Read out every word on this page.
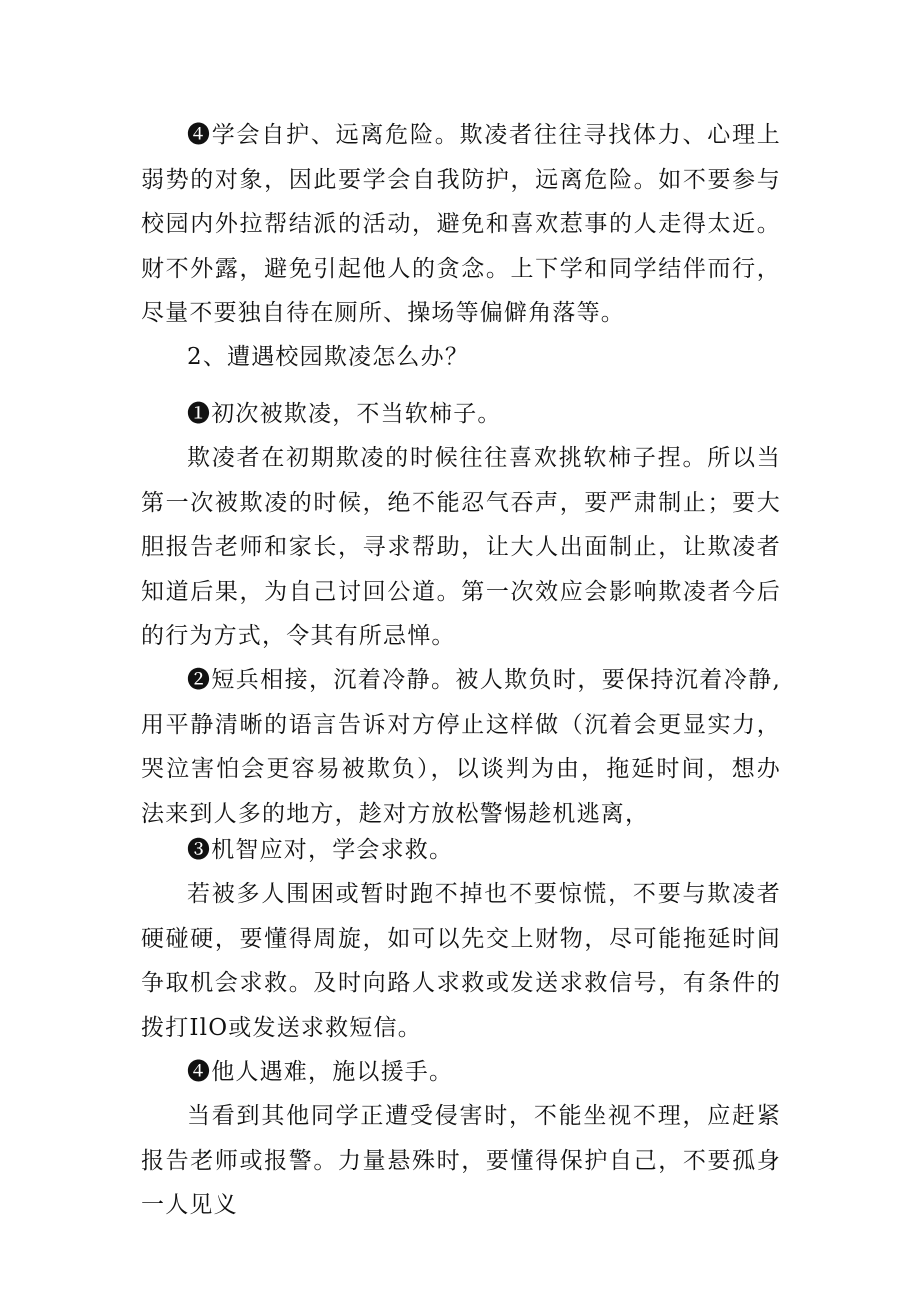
❹学会自护、远离危险。欺凌者往往寻找体力、心理上弱势的对象，因此要学会自我防护，远离危险。如不要参与校园内外拉帮结派的活动，避免和喜欢惹事的人走得太近。财不外露，避免引起他人的贪念。上下学和同学结伴而行，尽量不要独自待在厕所、操场等偏僻角落等。

2、遭遇校园欺凌怎么办？

❶初次被欺凌，不当软柿子。

欺凌者在初期欺凌的时候往往喜欢挑软柿子捏。所以当第一次被欺凌的时候，绝不能忍气吞声，要严肃制止；要大胆报告老师和家长，寻求帮助，让大人出面制止，让欺凌者知道后果，为自己讨回公道。第一次效应会影响欺凌者今后的行为方式，令其有所忌惮。

❷短兵相接，沉着冷静。被人欺负时，要保持沉着冷静,用平静清晰的语言告诉对方停止这样做（沉着会更显实力，哭泣害怕会更容易被欺负），以谈判为由，拖延时间，想办法来到人多的地方，趁对方放松警惕趁机逃离，

❸机智应对，学会求救。

若被多人围困或暂时跑不掉也不要惊慌，不要与欺凌者硬碰硬，要懂得周旋，如可以先交上财物，尽可能拖延时间争取机会求救。及时向路人求救或发送求救信号，有条件的拨打IlO或发送求救短信。

❹他人遇难，施以援手。

当看到其他同学正遭受侵害时，不能坐视不理，应赶紧报告老师或报警。力量悬殊时，要懂得保护自己，不要孤身一人见义
